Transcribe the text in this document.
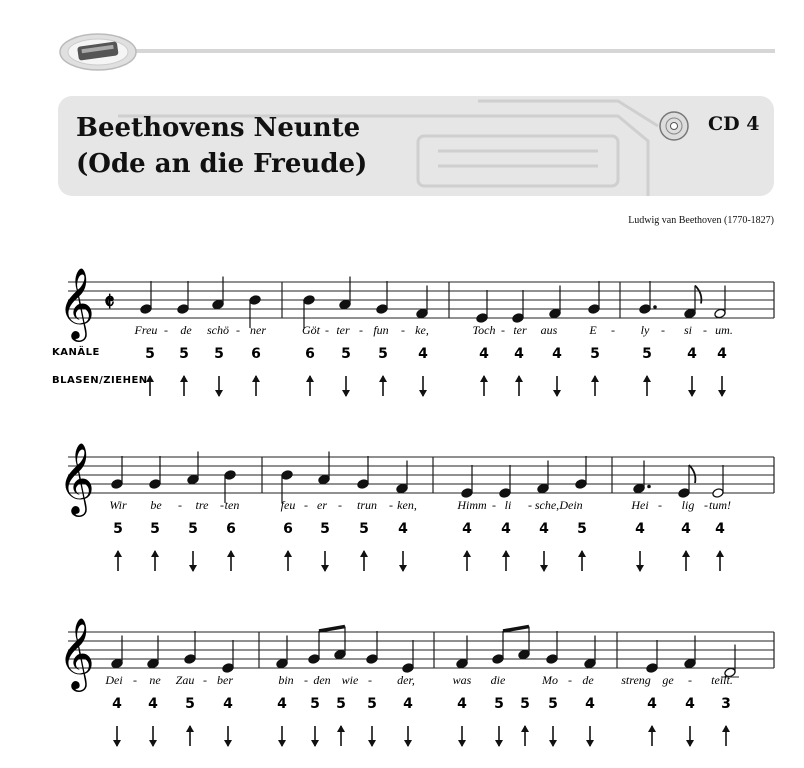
Beethovens Neunte
(Ode an die Freude)
CD 4
Ludwig van Beethoven (1770-1827)
KANÄLE
BLASEN/ZIEHEN
𝄞 𝄵
Freu - de schö - ner	Göt - ter - fun - ke,	Toch - ter aus	E - ly - si - um.
5 5 5 6	6 5 5 4	4 4 4 5	5	4 4
𝄞 Wir be - tre - ten	feu - er - trun - ken,	Himm - li - sche, Dein	Hei - lig - tum!
5 5 5 6	6 5 5 4	4 4 4 5	4	4 4
𝄞 Dei - ne Zau - ber	bin - den wie - der,	was die	Mo - de streng ge - teilt.
4 4 5 4	4 5 5 5 4	4 5 5 5 4	4 4 3
